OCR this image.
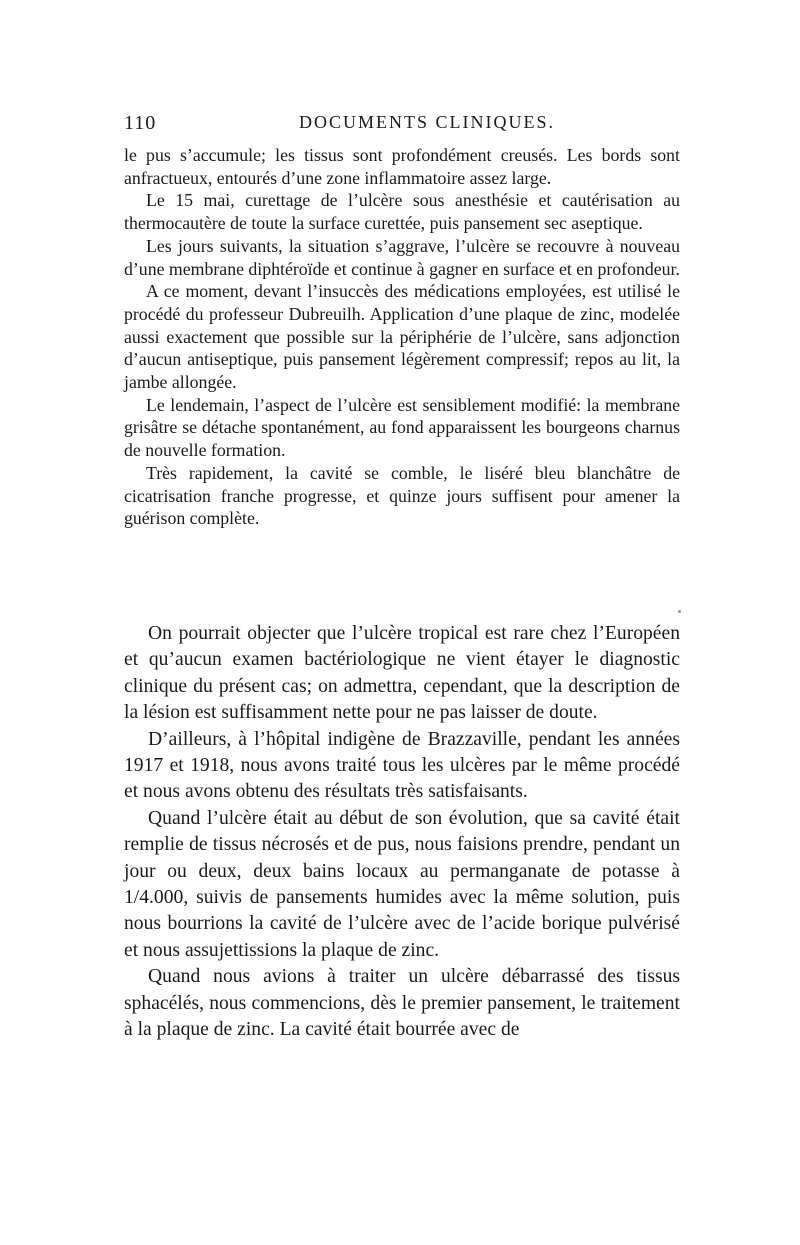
110	DOCUMENTS CLINIQUES.

le pus s’accumule; les tissus sont profondément creusés. Les bords sont anfractueux, entourés d’une zone inflammatoire assez large.

Le 15 mai, curettage de l’ulcère sous anesthésie et cautérisation au thermocautère de toute la surface curettée, puis pansement sec aseptique.

Les jours suivants, la situation s’aggrave, l’ulcère se recouvre à nouveau d’une membrane diphtéroïde et continue à gagner en surface et en profondeur.

A ce moment, devant l’insuccès des médications employées, est utilisé le procédé du professeur Dubreuilh. Application d’une plaque de zinc, modelée aussi exactement que possible sur la périphérie de l’ulcère, sans adjonction d’aucun antiseptique, puis pansement légèrement compressif; repos au lit, la jambe allongée.

Le lendemain, l’aspect de l’ulcère est sensiblement modifié: la membrane grisâtre se détache spontanément, au fond apparaissent les bourgeons charnus de nouvelle formation.

Très rapidement, la cavité se comble, le liséré bleu blanchâtre de cicatrisation franche progresse, et quinze jours suffisent pour amener la guérison complète.

On pourrait objecter que l’ulcère tropical est rare chez l’Européen et qu’aucun examen bactériologique ne vient étayer le diagnostic clinique du présent cas; on admettra, cependant, que la description de la lésion est suffisamment nette pour ne pas laisser de doute.

D’ailleurs, à l’hôpital indigène de Brazzaville, pendant les années 1917 et 1918, nous avons traité tous les ulcères par le même procédé et nous avons obtenu des résultats très satisfaisants.

Quand l’ulcère était au début de son évolution, que sa cavité était remplie de tissus nécrosés et de pus, nous faisions prendre, pendant un jour ou deux, deux bains locaux au permanganate de potasse à 1/4.000, suivis de pansements humides avec la même solution, puis nous bourrions la cavité de l’ulcère avec de l’acide borique pulvérisé et nous assujettissions la plaque de zinc.

Quand nous avions à traiter un ulcère débarrassé des tissus sphacélés, nous commencions, dès le premier pansement, le traitement à la plaque de zinc. La cavité était bourrée avec de
